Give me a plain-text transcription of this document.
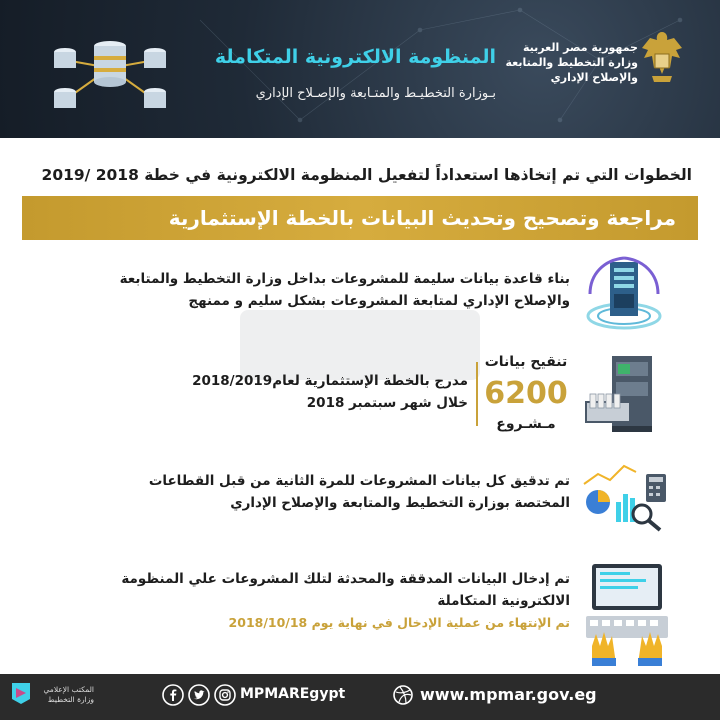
جمهورية مصر العربية
وزارة التخطيط والمتابعة
والإصلاح الإداري
المنظومة الالكترونية المتكاملة
بـوزارة التخطيـط والمتـابعة والإصـلاح الإداري
الخطوات التي تم إتخاذها استعداداً لتفعيل المنظومة الالكترونية في خطة 2018 /2019
مراجعة وتصحيح وتحديث البيانات بالخطة الإستثمارية
بناء قاعدة بيانات سليمة للمشروعات بداخل وزارة التخطيط والمتابعة
والإصلاح الإداري لمتابعة المشروعات بشكل سليم و ممنهج
تنقيح بيانات
6200
مـشـروع
مدرج بالخطة الإستثمارية لعام2018/2019
خلال شهر سبتمبر 2018
تم تدقيق كل بيانات المشروعات للمرة الثانية من قبل القطاعات
المختصة بوزارة التخطيط والمتابعة والإصلاح الإداري
تم إدخال البيانات المدققة والمحدثة لتلك المشروعات علي المنظومة
الالكترونية المتكاملة
تم الإنتهاء من عملية الإدخال في نهاية يوم 2018/10/18
المكتب الإعلامي
وزارة التخطيط	MPMAREgypt	www.mpmar.gov.eg
